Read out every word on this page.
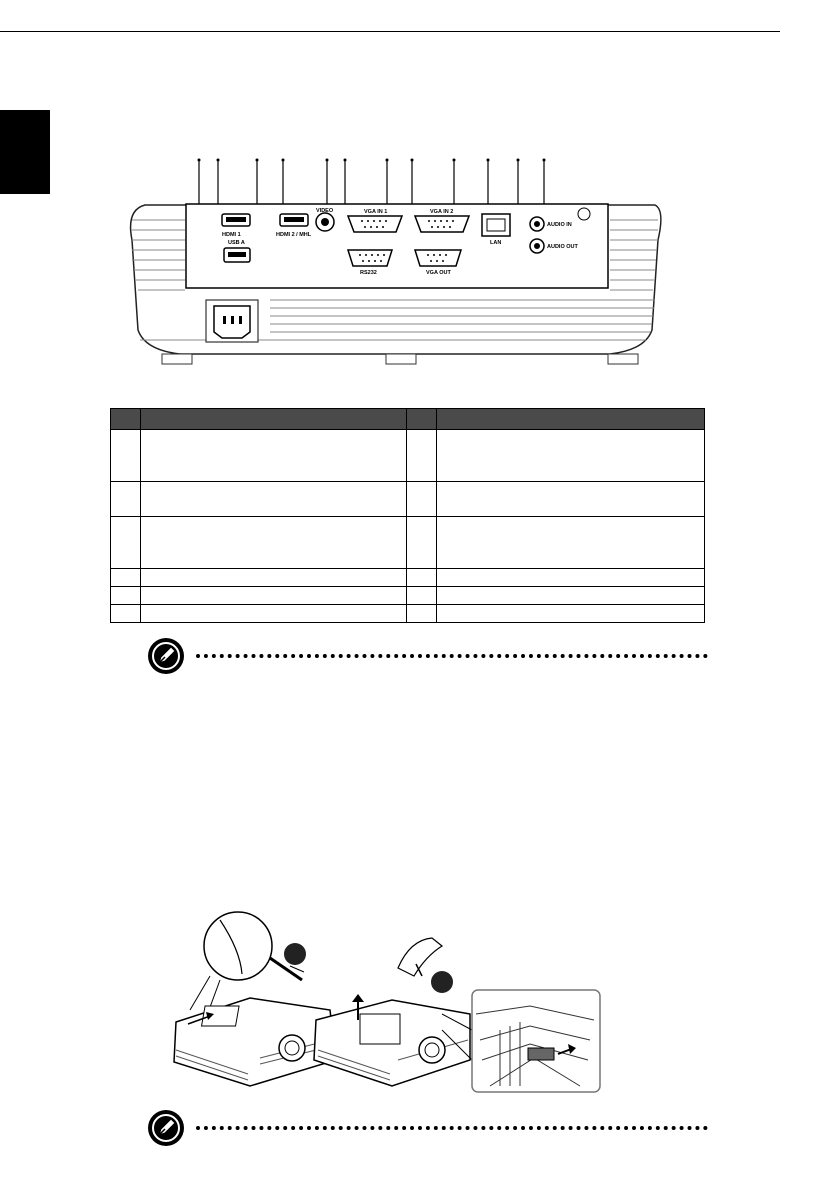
HDMI 1
USB A
HDMI 2 / MHL
VIDEO	VGA IN 1
RS232
VGA IN 2
VGA OUT
LAN
AUDIO IN
AUDIO OUT
